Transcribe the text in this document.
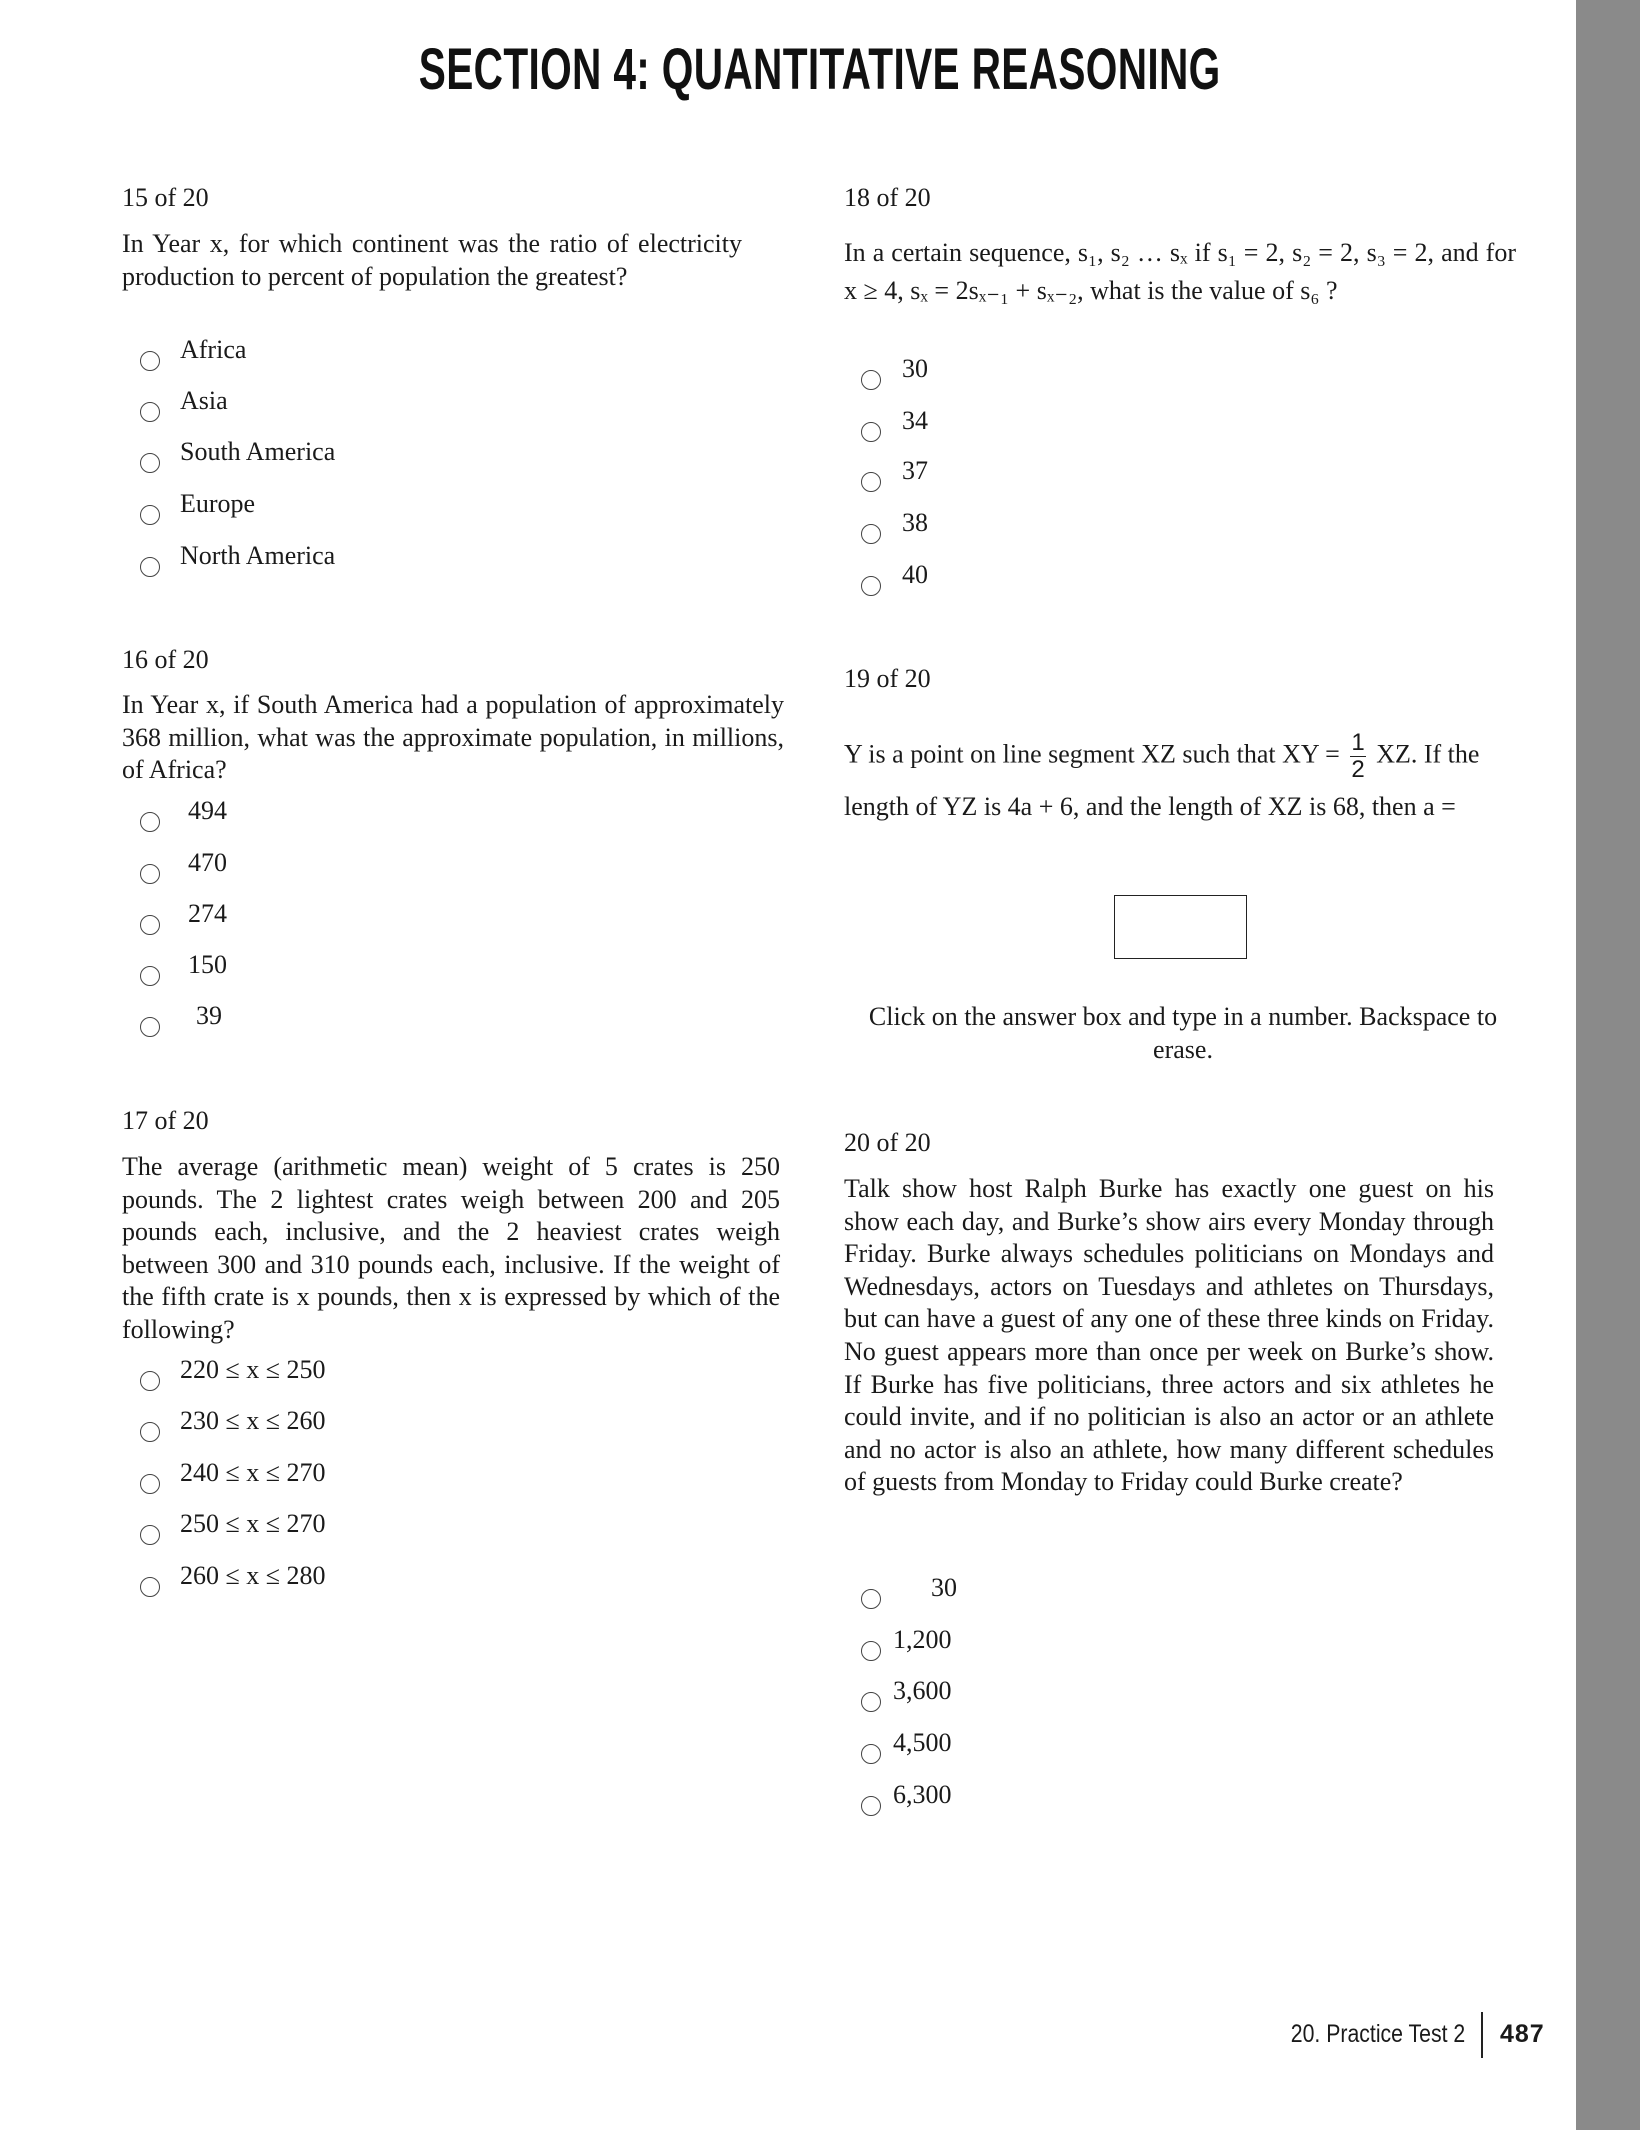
SECTION 4: QUANTITATIVE REASONING
15 of 20
In Year x, for which continent was the ratio of electricity production to percent of population the greatest?
16 of 20
In Year x, if South America had a population of approximately 368 million, what was the approximate population, in millions, of Africa?
17 of 20
The average (arithmetic mean) weight of 5 crates is 250 pounds. The 2 lightest crates weigh between 200 and 205 pounds each, inclusive, and the 2 heaviest crates weigh between 300 and 310 pounds each, inclusive. If the weight of the fifth crate is x pounds, then x is expressed by which of the following?
18 of 20
In a certain sequence, s₁, s₂ … sₓ if s₁ = 2, s₂ = 2, s₃ = 2, and for x ≥ 4, sₓ = 2sₓ₋₁ + sₓ₋₂, what is the value of s₆ ?
19 of 20
Y is a point on line segment XZ such that XY = $\frac{1}{2}$ XZ. If the length of YZ is 4a + 6, and the length of XZ is 68, then a =
Click on the answer box and type in a number. Backspace to erase.
20 of 20
Talk show host Ralph Burke has exactly one guest on his show each day, and Burke’s show airs every Monday through Friday. Burke always schedules politicians on Mondays and Wednesdays, actors on Tuesdays and athletes on Thursdays, but can have a guest of any one of these three kinds on Friday. No guest appears more than once per week on Burke’s show. If Burke has five politicians, three actors and six athletes he could invite, and if no politician is also an actor or an athlete and no actor is also an athlete, how many different schedules of guests from Monday to Friday could Burke create?
Africa
Asia
South America
Europe
North America
494
470
274
150
39
220 ≤ x ≤ 250
230 ≤ x ≤ 260
240 ≤ x ≤ 270
250 ≤ x ≤ 270
260 ≤ x ≤ 280
30
34
37
38
40
30
1,200
3,600
4,500
6,300
20. Practice Test 2 487
